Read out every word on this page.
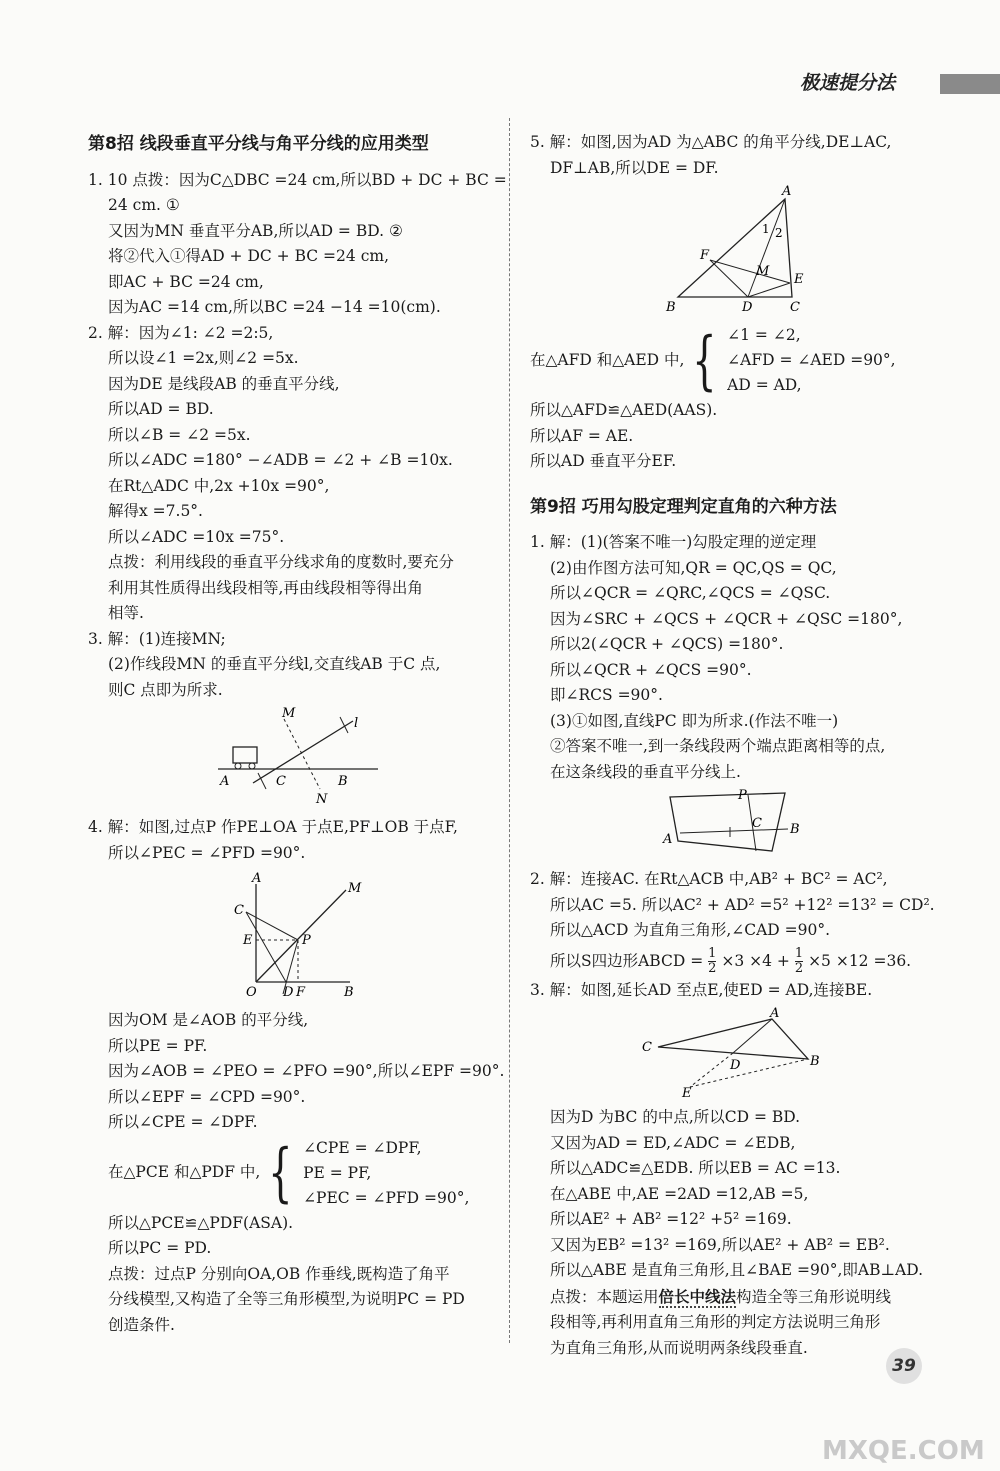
极速提分法
第8招 线段垂直平分线与角平分线的应用类型
1. 10 点拨：因为C△DBC =24 cm,所以BD + DC + BC =
24 cm. ①
又因为MN 垂直平分AB,所以AD = BD. ②
将②代入①得AD + DC + BC =24 cm,
即AC + BC =24 cm,
因为AC =14 cm,所以BC =24 −14 =10(cm).
2. 解：因为∠1: ∠2 =2:5,
所以设∠1 =2x,则∠2 =5x.
因为DE 是线段AB 的垂直平分线,
所以AD = BD.
所以∠B = ∠2 =5x.
所以∠ADC =180° −∠ADB = ∠2 + ∠B =10x.
在Rt△ADC 中,2x +10x =90°,
解得x =7.5°.
所以∠ADC =10x =75°.
点拨：利用线段的垂直平分线求角的度数时,要充分
利用其性质得出线段相等,再由线段相等得出角
相等.
3. 解：(1)连接MN;
(2)作线段MN 的垂直平分线l,交直线AB 于C 点,
则C 点即为所求.
M
l
A	C	B
N
4. 解：如图,过点P 作PE⊥OA 于点E,PF⊥OB 于点F,
所以∠PEC = ∠PFD =90°.
A
M
C
E	P
O D F	B
因为OM 是∠AOB 的平分线,
所以PE = PF.
因为∠AOB = ∠PEO = ∠PFO =90°,所以∠EPF =90°.
所以∠EPF = ∠CPD =90°.
所以∠CPE = ∠DPF.
在△PCE 和△PDF 中, { ∠CPE = ∠DPF,
PE = PF,
∠PEC = ∠PFD =90°,
所以△PCE≌△PDF(ASA).
所以PC = PD.
点拨：过点P 分别向OA,OB 作垂线,既构造了角平
分线模型,又构造了全等三角形模型,为说明PC = PD
创造条件.
5. 解：如图,因为AD 为△ABC 的角平分线,DE⊥AC,
DF⊥AB,所以DE = DF.
A
1 2
F
M
E
B	D	C
在△AFD 和△AED 中, { ∠1 = ∠2,
∠AFD = ∠AED =90°,
AD = AD,
所以△AFD≌△AED(AAS).
所以AF = AE.
所以AD 垂直平分EF.
第9招 巧用勾股定理判定直角的六种方法
1. 解：(1)(答案不唯一)勾股定理的逆定理
(2)由作图方法可知,QR = QC,QS = QC,
所以∠QCR = ∠QRC,∠QCS = ∠QSC.
因为∠SRC + ∠QCS + ∠QCR + ∠QSC =180°,
所以2(∠QCR + ∠QCS) =180°.
所以∠QCR + ∠QCS =90°.
即∠RCS =90°.
(3)①如图,直线PC 即为所求.(作法不唯一)
②答案不唯一,到一条线段两个端点距离相等的点,
在这条线段的垂直平分线上.
P
C
A
B
2. 解：连接AC. 在Rt△ACB 中,AB² + BC² = AC²,
所以AC =5. 所以AC² + AD² =5² +12² =13² = CD².
所以△ACD 为直角三角形,∠CAD =90°.
所以S四边形ABCD = $\frac{1}{2} \times 3 \times 4 + \frac{1}{2} \times 5 \times 12 =36$.
3. 解：如图,延长AD 至点E,使ED = AD,连接BE.
A
C
D	B
E
因为D 为BC 的中点,所以CD = BD.
又因为AD = ED,∠ADC = ∠EDB,
所以△ADC≌△EDB. 所以EB = AC =13.
在△ABE 中,AE =2AD =12,AB =5,
所以AE² + AB² =12² +5² =169.
又因为EB² =13² =169,所以AE² + AB² = EB².
所以△ABE 是直角三角形,且∠BAE =90°,即AB⊥AD.
点拨：本题运用倍长中线法构造全等三角形说明线
段相等,再利用直角三角形的判定方法说明三角形
为直角三角形,从而说明两条线段垂直.
39
MXQE.COM
